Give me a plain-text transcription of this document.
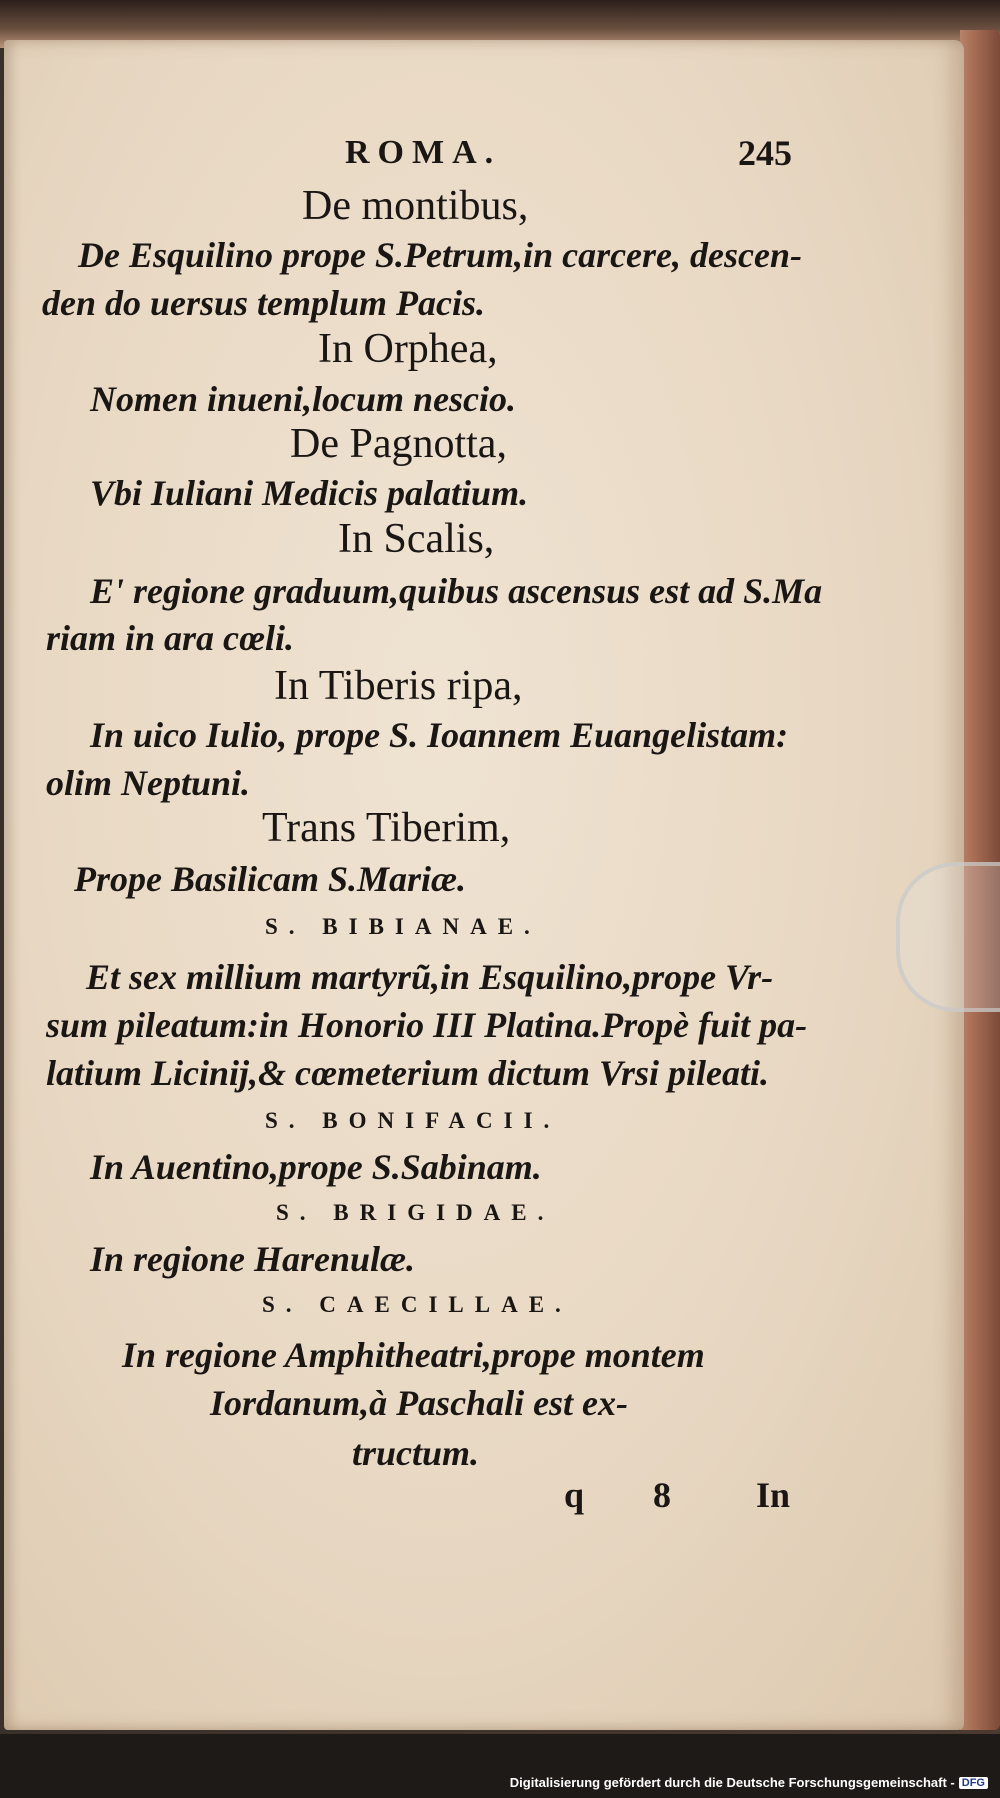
ROMA.	245
De montibus,
De Esquilino prope S.Petrum,in carcere, descen-
den do uersus templum Pacis.
In Orphea,
Nomen inueni,locum nescio.
De Pagnotta,
Vbi Iuliani Medicis palatium.
In Scalis,
E' regione graduum,quibus ascensus est ad S.Ma
riam in ara cœli.
In Tiberis ripa,
In uico Iulio, prope S. Ioannem Euangelistam:
olim Neptuni.
Trans Tiberim,
Prope Basilicam S.Mariæ.
S. BIBIANAE.
Et sex millium martyrũ,in Esquilino,prope Vr-
sum pileatum:in Honorio III Platina.Propè fuit pa-
latium Licinij,& cœmeterium dictum Vrsi pileati.
S. BONIFACII.
In Auentino,prope S.Sabinam.
S. BRIGIDAE.
In regione Harenulæ.
S. CAECILLAE.
In regione Amphitheatri,prope montem
Iordanum,à Paschali est ex-
tructum.
q 8 In
Digitalisierung gefördert durch die Deutsche Forschungsgemeinschaft - DFG
